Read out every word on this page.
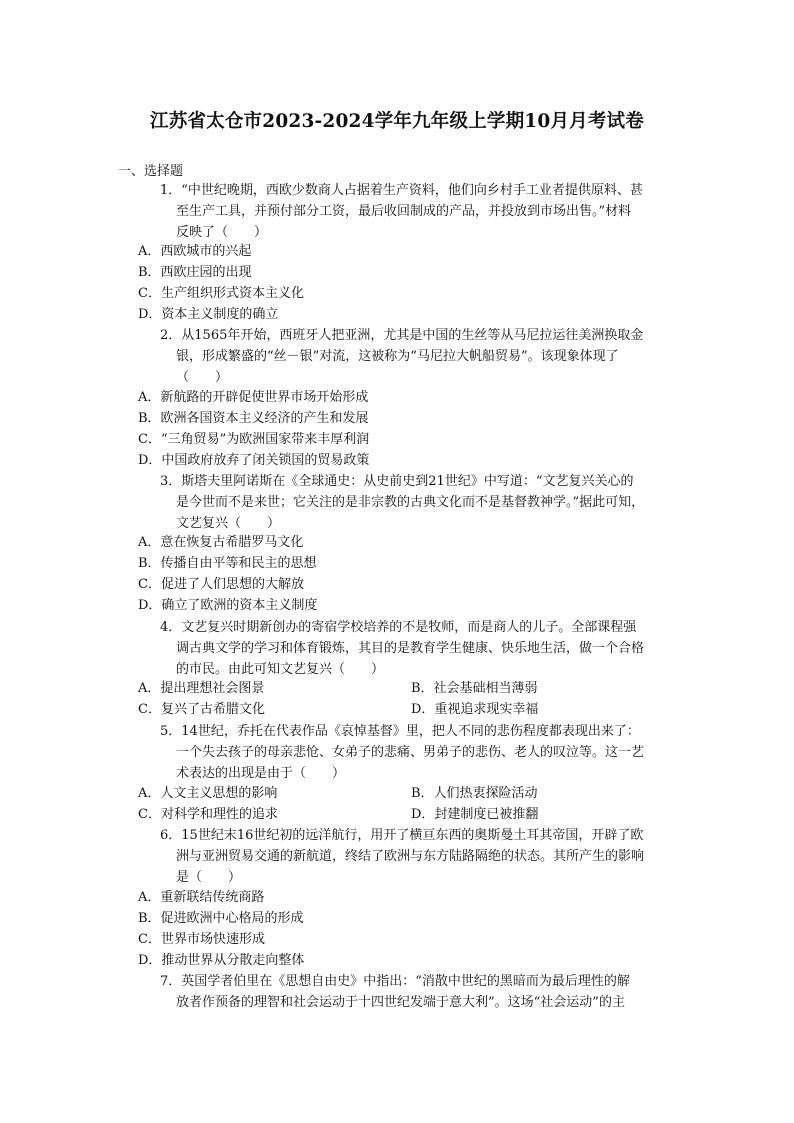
江苏省太仓市2023-2024学年九年级上学期10月月考试卷
一、选择题
1．“中世纪晚期，西欧少数商人占据着生产资料，他们向乡村手工业者提供原料、甚
至生产工具，并预付部分工资，最后收回制成的产品，并投放到市场出售。”材料
反映了（　　）
A．西欧城市的兴起
B．西欧庄园的出现
C．生产组织形式资本主义化
D．资本主义制度的确立
2．从1565年开始，西班牙人把亚洲，尤其是中国的生丝等从马尼拉运往美洲换取金
银，形成繁盛的“丝－银”对流，这被称为“马尼拉大帆船贸易”。该现象体现了
（　　）
A．新航路的开辟促使世界市场开始形成
B．欧洲各国资本主义经济的产生和发展
C．“三角贸易”为欧洲国家带来丰厚利润
D．中国政府放弃了闭关锁国的贸易政策
3．斯塔夫里阿诺斯在《全球通史：从史前史到21世纪》中写道：“文艺复兴关心的
是今世而不是来世；它关注的是非宗教的古典文化而不是基督教神学。”据此可知，
文艺复兴（　　）
A．意在恢复古希腊罗马文化
B．传播自由平等和民主的思想
C．促进了人们思想的大解放
D．确立了欧洲的资本主义制度
4．文艺复兴时期新创办的寄宿学校培养的不是牧师，而是商人的儿子。全部课程强
调古典文学的学习和体育锻炼，其目的是教育学生健康、快乐地生活，做一个合格
的市民。由此可知文艺复兴（　　）
A．提出理想社会图景	B．社会基础相当薄弱
C．复兴了古希腊文化	D．重视追求现实幸福
5．14世纪，乔托在代表作品《哀悼基督》里，把人不同的悲伤程度都表现出来了：
一个失去孩子的母亲悲怆、女弟子的悲痛、男弟子的悲伤、老人的叹泣等。这一艺
术表达的出现是由于（　　）
A．人文主义思想的影响	B．人们热衷探险活动
C．对科学和理性的追求	D．封建制度已被推翻
6．15世纪末16世纪初的远洋航行，用开了横亘东西的奥斯曼土耳其帝国，开辟了欧
洲与亚洲贸易交通的新航道，终结了欧洲与东方陆路隔绝的状态。其所产生的影响
是（　　）
A．重新联结传统商路
B．促进欧洲中心格局的形成
C．世界市场快速形成
D．推动世界从分散走向整体
7．英国学者伯里在《思想自由史》中指出：“消散中世纪的黑暗而为最后理性的解
放者作预备的理智和社会运动于十四世纪发端于意大利”。这场“社会运动”的主
